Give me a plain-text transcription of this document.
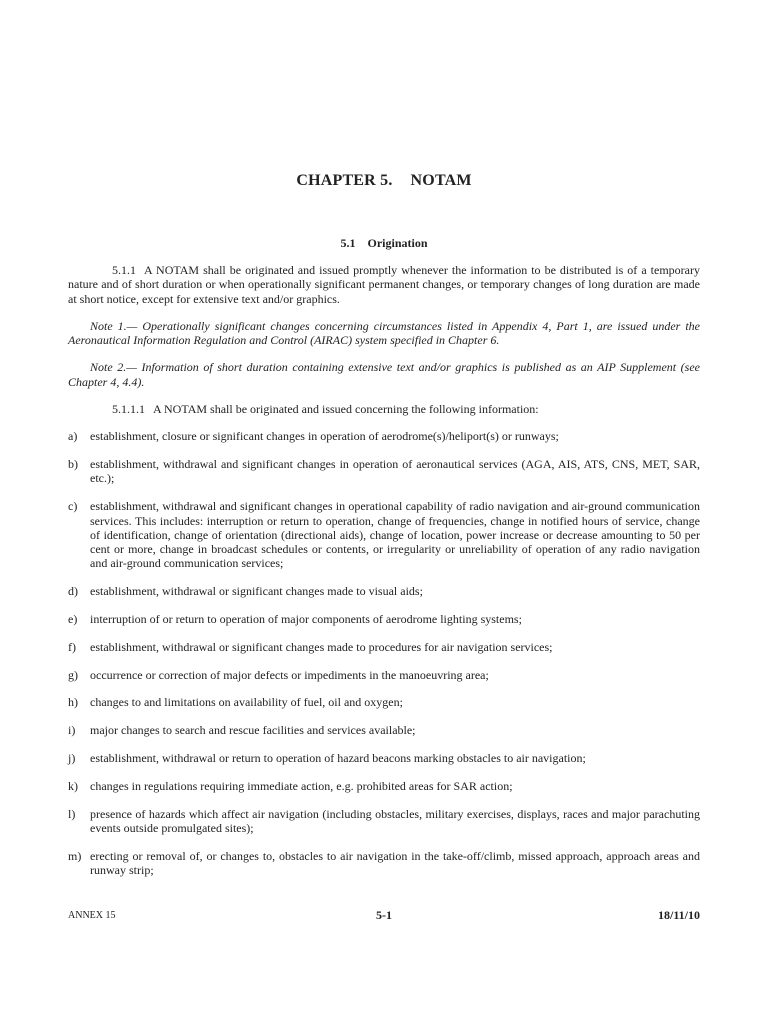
CHAPTER 5. NOTAM
5.1 Origination

5.1.1 A NOTAM shall be originated and issued promptly whenever the information to be distributed is of a temporary nature and of short duration or when operationally significant permanent changes, or temporary changes of long duration are made at short notice, except for extensive text and/or graphics.

Note 1.— Operationally significant changes concerning circumstances listed in Appendix 4, Part 1, are issued under the Aeronautical Information Regulation and Control (AIRAC) system specified in Chapter 6.

Note 2.— Information of short duration containing extensive text and/or graphics is published as an AIP Supplement (see Chapter 4, 4.4).

5.1.1.1 A NOTAM shall be originated and issued concerning the following information:

a)	establishment, closure or significant changes in operation of aerodrome(s)/heliport(s) or runways;
b)	establishment, withdrawal and significant changes in operation of aeronautical services (AGA, AIS, ATS, CNS, MET, SAR, etc.);
c)	establishment, withdrawal and significant changes in operational capability of radio navigation and air-ground communication services. This includes: interruption or return to operation, change of frequencies, change in notified hours of service, change of identification, change of orientation (directional aids), change of location, power increase or decrease amounting to 50 per cent or more, change in broadcast schedules or contents, or irregularity or unreliability of operation of any radio navigation and air-ground communication services;
d)	establishment, withdrawal or significant changes made to visual aids;
e)	interruption of or return to operation of major components of aerodrome lighting systems;
f)	establishment, withdrawal or significant changes made to procedures for air navigation services;
g)	occurrence or correction of major defects or impediments in the manoeuvring area;
h)	changes to and limitations on availability of fuel, oil and oxygen;
i)	major changes to search and rescue facilities and services available;
j)	establishment, withdrawal or return to operation of hazard beacons marking obstacles to air navigation;
k)	changes in regulations requiring immediate action, e.g. prohibited areas for SAR action;
l)	presence of hazards which affect air navigation (including obstacles, military exercises, displays, races and major parachuting events outside promulgated sites);
m) erecting or removal of, or changes to, obstacles to air navigation in the take-off/climb, missed approach, approach areas and runway strip;
ANNEX 15	5-1	18/11/10
